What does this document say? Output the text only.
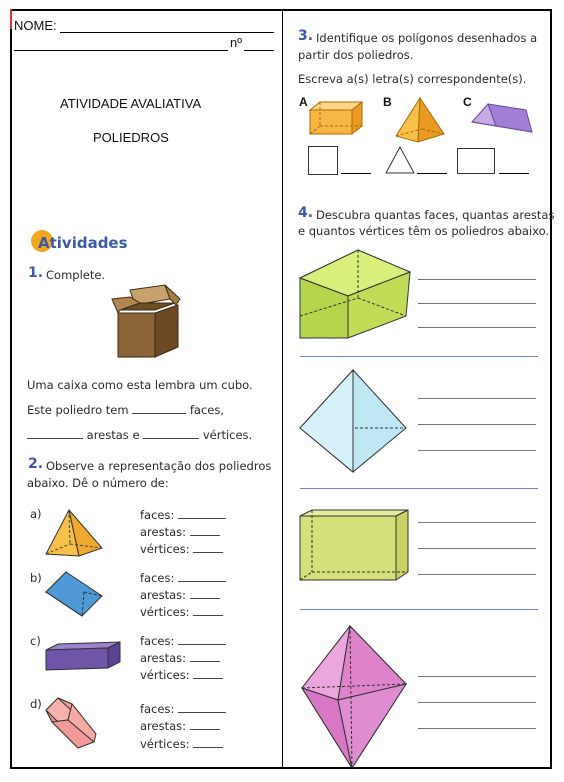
NOME:
nº
ATIVIDADE AVALIATIVA
POLIEDROS
Atividades
1. Complete.
Uma caixa como esta lembra um cubo.
Este poliedro tem	faces,
arestas e	vértices.
2. Observe a representação dos poliedros
abaixo. Dê o número de:
a)	faces:
arestas:
vértices:
b)	faces:
arestas:
vértices:
c)	faces:
arestas:
vértices:
d)	faces:
arestas:
vértices:
3. Identifique os polígonos desenhados a
partir dos poliedros.
Escreva a(s) letra(s) correspondente(s).
A	B	C
4. Descubra quantas faces, quantas arestas
e quantos vértices têm os poliedros abaixo.
